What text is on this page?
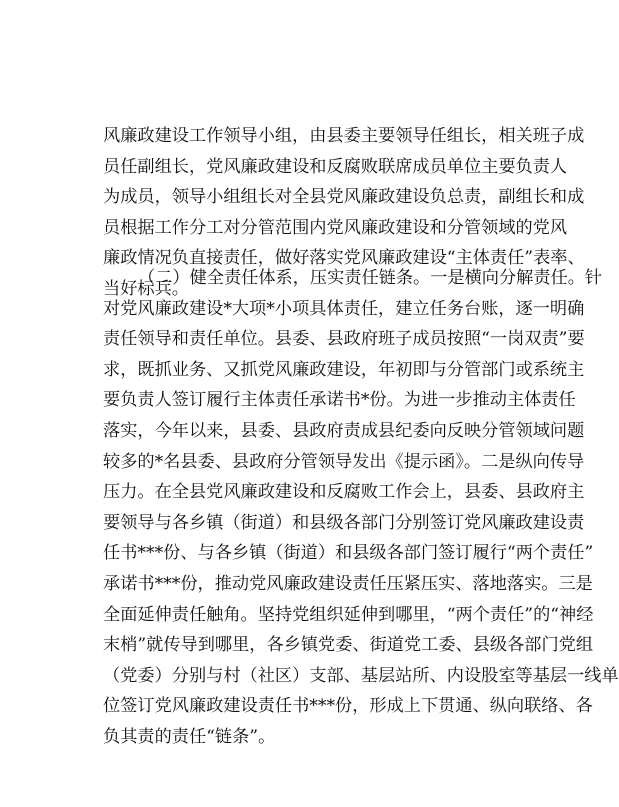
风廉政建设工作领导小组，由县委主要领导任组长，相关班子成
员任副组长，党风廉政建设和反腐败联席成员单位主要负责人
为成员，领导小组组长对全县党风廉政建设负总责，副组长和成
员根据工作分工对分管范围内党风廉政建设和分管领域的党风
廉政情况负直接责任，做好落实党风廉政建设“主体责任”表率、
当好标兵。
（二）健全责任体系，压实责任链条。一是横向分解责任。针
对党风廉政建设*大项*小项具体责任，建立任务台账，逐一明确
责任领导和责任单位。县委、县政府班子成员按照“一岗双责”要
求，既抓业务、又抓党风廉政建设，年初即与分管部门或系统主
要负责人签订履行主体责任承诺书*份。为进一步推动主体责任
落实，今年以来，县委、县政府责成县纪委向反映分管领域问题
较多的*名县委、县政府分管领导发出《提示函》。二是纵向传导
压力。在全县党风廉政建设和反腐败工作会上，县委、县政府主
要领导与各乡镇（街道）和县级各部门分别签订党风廉政建设责
任书***份、与各乡镇（街道）和县级各部门签订履行“两个责任”
承诺书***份，推动党风廉政建设责任压紧压实、落地落实。三是
全面延伸责任触角。坚持党组织延伸到哪里，“两个责任”的“神经
末梢”就传导到哪里，各乡镇党委、街道党工委、县级各部门党组
（党委）分别与村（社区）支部、基层站所、内设股室等基层一线单
位签订党风廉政建设责任书***份，形成上下贯通、纵向联络、各
负其责的责任“链条”。
